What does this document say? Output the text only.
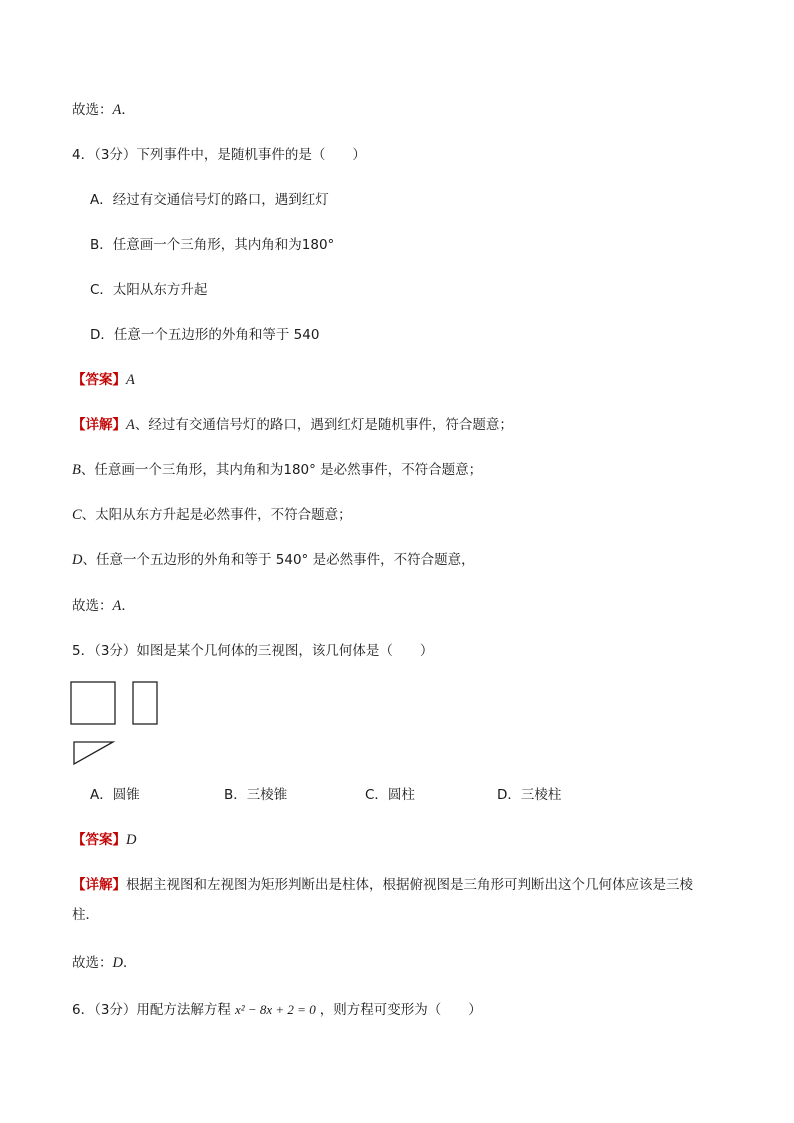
故选：A．
4．（3分）下列事件中，是随机事件的是（　　）
A．经过有交通信号灯的路口，遇到红灯
B．任意画一个三角形，其内角和为180°
C．太阳从东方升起
D．任意一个五边形的外角和等于 540
【答案】A
【详解】A、经过有交通信号灯的路口，遇到红灯是随机事件，符合题意；
B、任意画一个三角形，其内角和为180° 是必然事件，不符合题意；
C、太阳从东方升起是必然事件，不符合题意；
D、任意一个五边形的外角和等于 540° 是必然事件，不符合题意，
故选：A．
5．（3分）如图是某个几何体的三视图，该几何体是（　　）
A．圆锥	B．三棱锥	C．圆柱	D．三棱柱
【答案】D
【详解】根据主视图和左视图为矩形判断出是柱体，根据俯视图是三角形可判断出这个几何体应该是三棱
柱．
故选：D．
6．（3分）用配方法解方程 x² − 8x + 2 = 0 ，则方程可变形为（　　）
